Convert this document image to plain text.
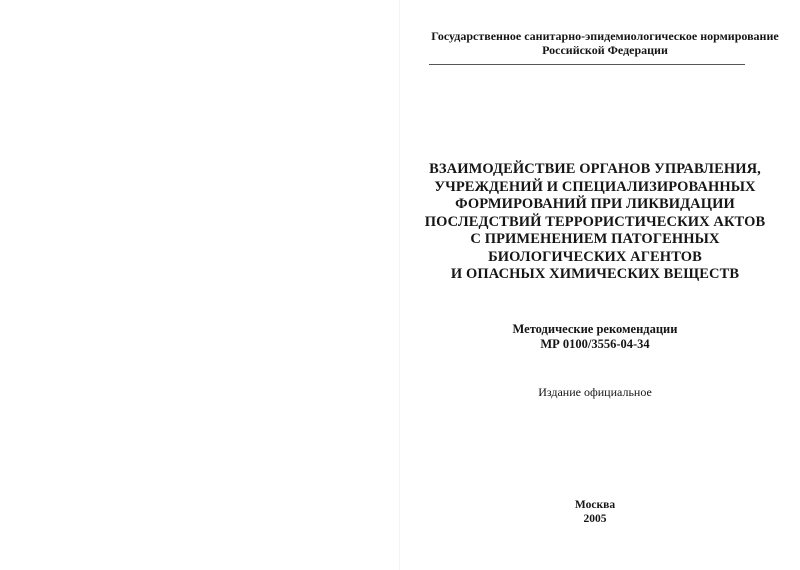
Государственное санитарно-эпидемиологическое нормирование
Российской Федерации
ВЗАИМОДЕЙСТВИЕ ОРГАНОВ УПРАВЛЕНИЯ,
УЧРЕЖДЕНИЙ И СПЕЦИАЛИЗИРОВАННЫХ
ФОРМИРОВАНИЙ ПРИ ЛИКВИДАЦИИ
ПОСЛЕДСТВИЙ ТЕРРОРИСТИЧЕСКИХ АКТОВ
С ПРИМЕНЕНИЕМ ПАТОГЕННЫХ
БИОЛОГИЧЕСКИХ АГЕНТОВ
И ОПАСНЫХ ХИМИЧЕСКИХ ВЕЩЕСТВ
Методические рекомендации
МР 0100/3556-04-34
Издание официальное
Москва
2005
